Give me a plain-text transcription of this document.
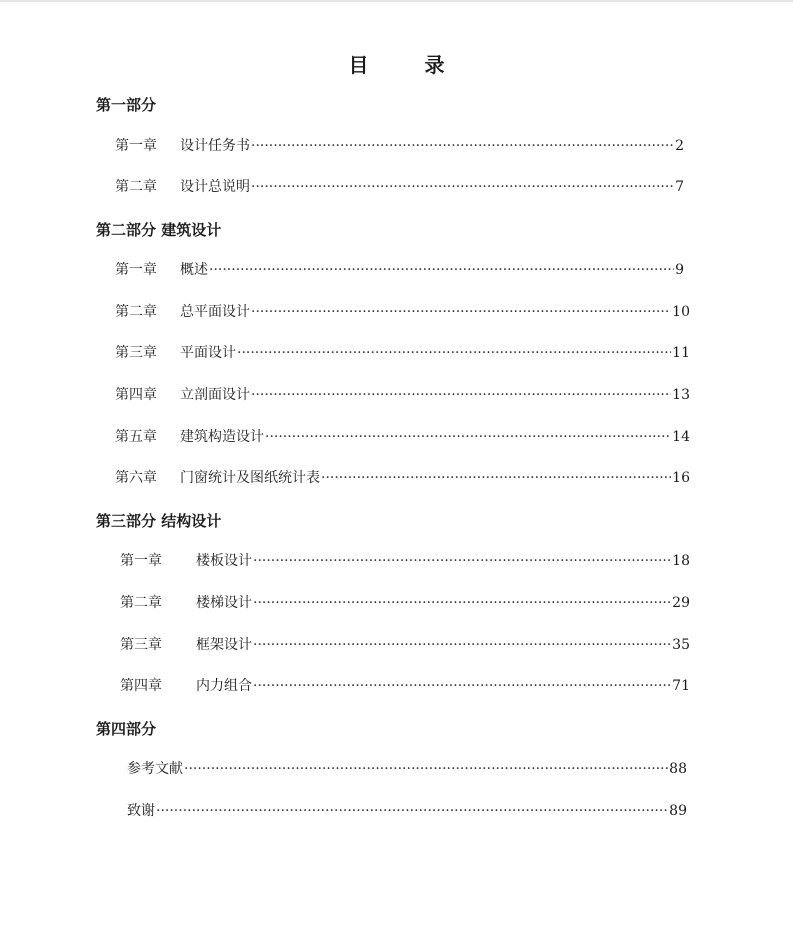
目	录
第一部分
第一章	设计任务书 ·····	2
第二章	设计总说明 ·····	7
第二部分 建筑设计
第一章	概述 ·····	9
第二章	总平面设计 ·····	10
第三章	平面设计 ·····	11
第四章	立剖面设计 ·····	13
第五章	建筑构造设计 ·····	14
第六章	门窗统计及图纸统计表 ·····	16
第三部分 结构设计
第一章	楼板设计 ·····	18
第二章	楼梯设计 ·····	29
第三章	框架设计 ·····	35
第四章	内力组合 ·····	71
第四部分
参考文献 ·····	88
致谢 ·····	89
